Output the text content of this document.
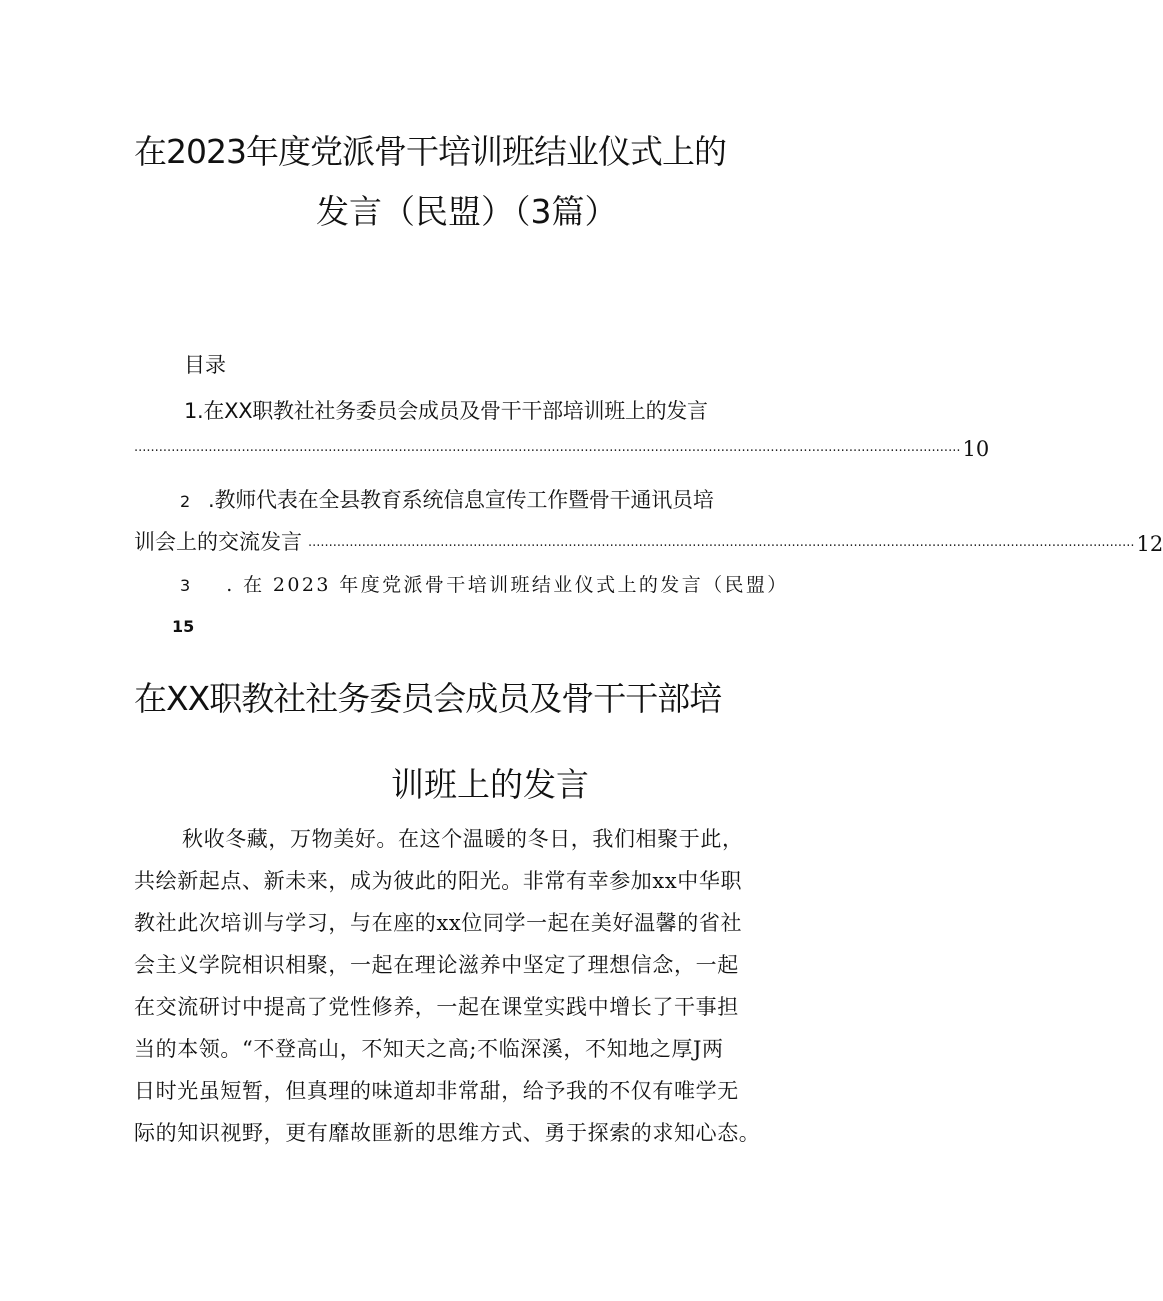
在2023年度党派骨干培训班结业仪式上的
发言（民盟）（3篇）
目录
1.在XX职教社社务委员会成员及骨干干部培训班上的发言
........................................................................................................................................................................................................ 10
2 .教师代表在全县教育系统信息宣传工作暨骨干通讯员培
训会上的交流发言 ........................................................................................................................................................................................................ 12
3 . 在 2023 年度党派骨干培训班结业仪式上的发言（民盟）
15
在XX职教社社务委员会成员及骨干干部培
训班上的发言
秋收冬藏，万物美好。在这个温暖的冬日，我们相聚于此，
共绘新起点、新未来，成为彼此的阳光。非常有幸参加xx中华职
教社此次培训与学习，与在座的xx位同学一起在美好温馨的省社
会主义学院相识相聚，一起在理论滋养中坚定了理想信念，一起
在交流研讨中提高了党性修养，一起在课堂实践中增长了干事担
当的本领。“不登高山，不知天之高;不临深溪，不知地之厚J两
日时光虽短暂，但真理的味道却非常甜，给予我的不仅有唯学无
际的知识视野，更有靡故匪新的思维方式、勇于探索的求知心态。
